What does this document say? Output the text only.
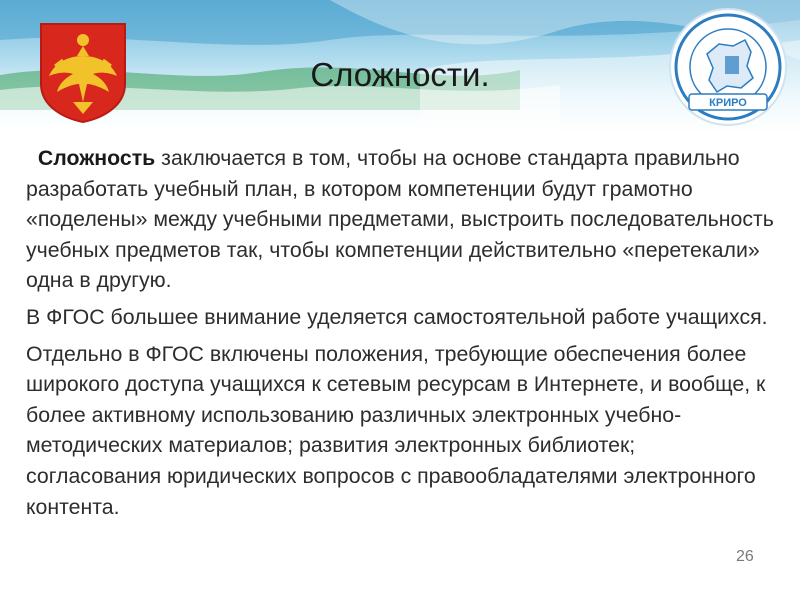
Сложности.
КРИРО

Сложность заключается в том, чтобы на основе стандарта правильно разработать учебный план, в котором компетенции будут грамотно «поделены» между учебными предметами, выстроить последовательность учебных предметов так, чтобы компетенции действительно «перетекали» одна в другую.

В ФГОС большее внимание уделяется самостоятельной работе учащихся.

Отдельно в ФГОС включены положения, требующие обеспечения более широкого доступа учащихся к сетевым ресурсам в Интернете, и вообще, к более активному использованию различных электронных учебно-методических материалов; развития электронных библиотек; согласования юридических вопросов с правообладателями электронного контента.

26
